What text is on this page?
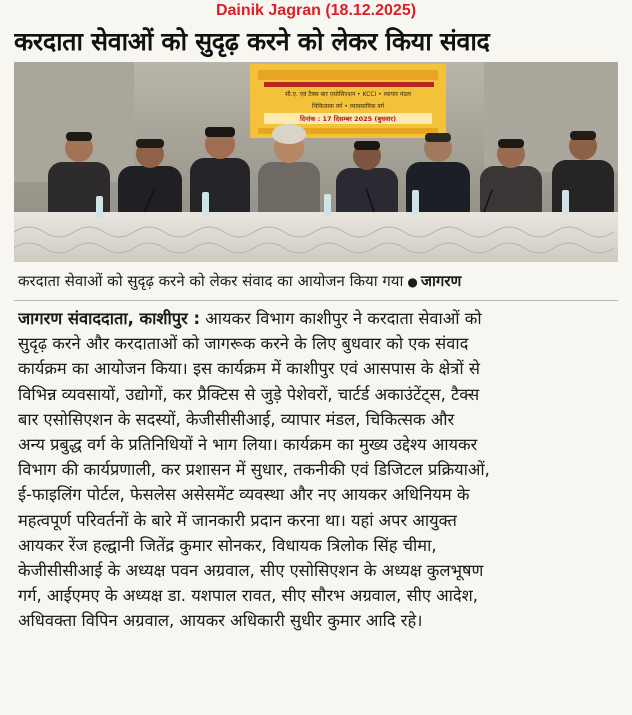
Dainik Jagran (18.12.2025)
करदाता सेवाओं को सुदृढ़ करने को लेकर किया संवाद
सी.ए. एवं टैक्स बार एसोसिएशन • KCCI • व्यापार मंडल
चिकित्सक वर्ग • व्यावसायिक वर्ग
दिनांक : 17 दिसम्बर 2025 (बुधवार)
करदाता सेवाओं को सुदृढ़ करने को लेकर संवाद का आयोजन किया गया ● जागरण
जागरण संवाददाता, काशीपुर : आयकर विभाग काशीपुर ने करदाता सेवाओं को
सुदृढ़ करने और करदाताओं को जागरूक करने के लिए बुधवार को एक संवाद
कार्यक्रम का आयोजन किया। इस कार्यक्रम में काशीपुर एवं आसपास के क्षेत्रों से
विभिन्न व्यवसायों, उद्योगों, कर प्रैक्टिस से जुड़े पेशेवरों, चार्टर्ड अकाउंटेंट्स, टैक्स
बार एसोसिएशन के सदस्यों, केजीसीसीआई, व्यापार मंडल, चिकित्सक और
अन्य प्रबुद्ध वर्ग के प्रतिनिधियों ने भाग लिया। कार्यक्रम का मुख्य उद्देश्य आयकर
विभाग की कार्यप्रणाली, कर प्रशासन में सुधार, तकनीकी एवं डिजिटल प्रक्रियाओं,
ई-फाइलिंग पोर्टल, फेसलेस असेसमेंट व्यवस्था और नए आयकर अधिनियम के
महत्वपूर्ण परिवर्तनों के बारे में जानकारी प्रदान करना था। यहां अपर आयुक्त
आयकर रेंज हल्द्वानी जितेंद्र कुमार सोनकर, विधायक त्रिलोक सिंह चीमा,
केजीसीसीआई के अध्यक्ष पवन अग्रवाल, सीए एसोसिएशन के अध्यक्ष कुलभूषण
गर्ग, आईएमए के अध्यक्ष डा. यशपाल रावत, सीए सौरभ अग्रवाल, सीए आदेश,
अधिवक्ता विपिन अग्रवाल, आयकर अधिकारी सुधीर कुमार आदि रहे।
